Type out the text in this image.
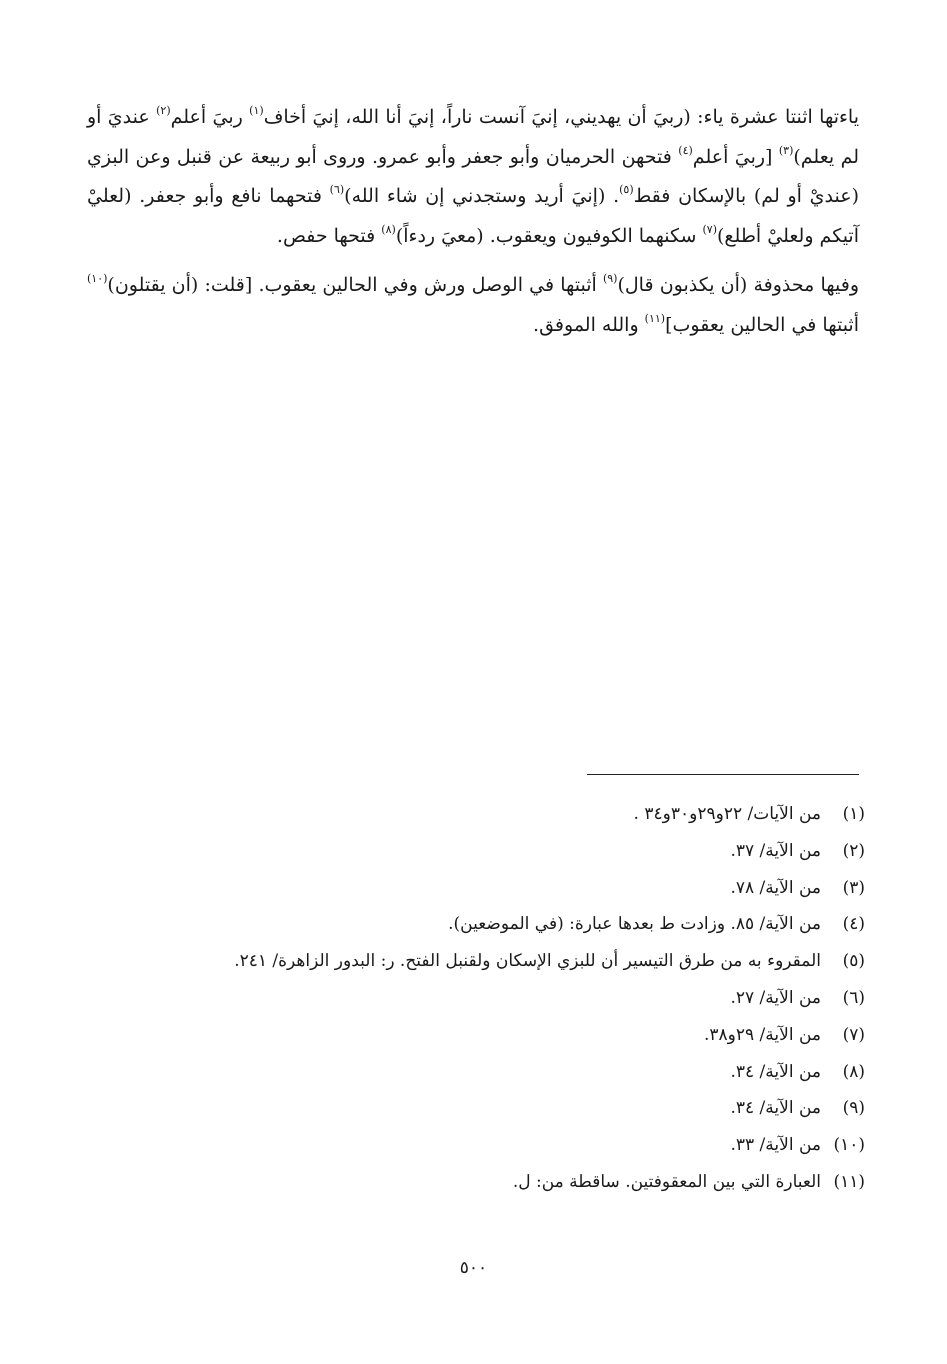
ياءتها اثنتا عشرة ياء: (ربيَ أن يهديني، إنيَ آنست ناراً، إنيَ أنا الله، إنيَ أخاف$^{(١)}$ ربيَ أعلم$^{(٢)}$ عنديَ أو لم يعلم)$^{(٣)}$ [ربيَ أعلم$^{(٤)}$ فتحهن الحرميان وأبو جعفر وأبو عمرو. وروى أبو ربيعة عن قنبل وعن البزي (عنديْ أو لم) بالإسكان فقط$^{(٥)}$. (إنيَ أريد وستجدني إن شاء الله)$^{(٦)}$ فتحهما نافع وأبو جعفر. (لعليْ آتيكم ولعليْ أطلع)$^{(٧)}$ سكنهما الكوفيون ويعقوب. (معيَ ردءاً)$^{(٨)}$ فتحها حفص.

وفيها محذوفة (أن يكذبون قال)$^{(٩)}$ أثبتها في الوصل ورش وفي الحالين يعقوب. [قلت: (أن يقتلون)$^{(١٠)}$ أثبتها في الحالين يعقوب]$^{(١١)}$ والله الموفق.

(١)
من الآيات/ ٢٢و٢٩و٣٠و٣٤ .
(٢)
من الآية/ ٣٧.
(٣)
من الآية/ ٧٨.
(٤)
من الآية/ ٨٥. وزادت ط بعدها عبارة: (في الموضعين).
(٥)
المقروء به من طرق التيسير أن للبزي الإسكان ولقنبل الفتح. ر: البدور الزاهرة/ ٢٤١.
(٦)
من الآية/ ٢٧.
(٧)
من الآية/ ٢٩و٣٨.
(٨)
من الآية/ ٣٤.
(٩)
من الآية/ ٣٤.
(١٠)
من الآية/ ٣٣.
(١١)
العبارة التي بين المعقوفتين. ساقطة من: ل.
٥٠٠
